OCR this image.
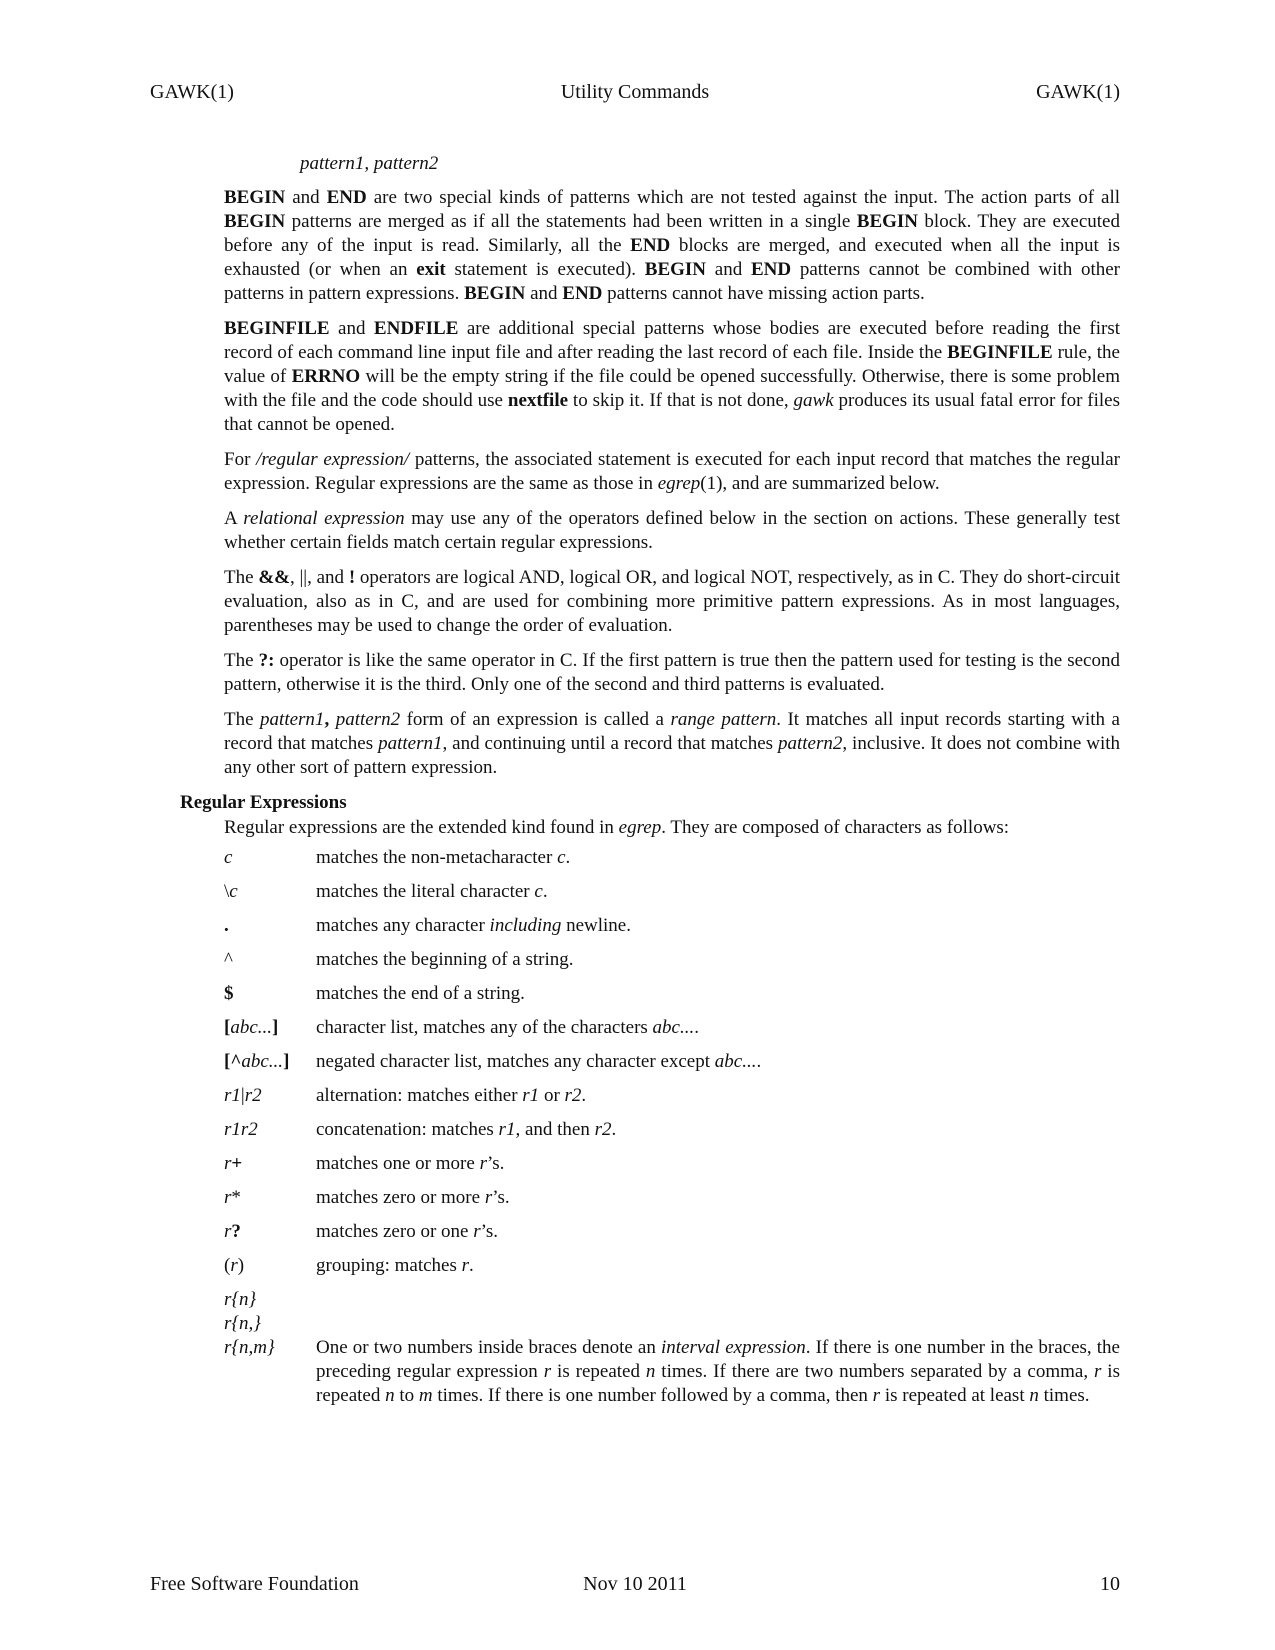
Utility Commands
GAWK(1)	GAWK(1)
pattern1, pattern2

BEGIN and END are two special kinds of patterns which are not tested against the input. The action parts of all BEGIN patterns are merged as if all the statements had been written in a single BEGIN block. They are executed before any of the input is read. Similarly, all the END blocks are merged, and executed when all the input is exhausted (or when an exit statement is executed). BEGIN and END patterns cannot be combined with other patterns in pattern expressions. BEGIN and END patterns cannot have missing action parts.

BEGINFILE and ENDFILE are additional special patterns whose bodies are executed before reading the first record of each command line input file and after reading the last record of each file. Inside the BEGINFILE rule, the value of ERRNO will be the empty string if the file could be opened successfully. Otherwise, there is some problem with the file and the code should use nextfile to skip it. If that is not done, gawk produces its usual fatal error for files that cannot be opened.

For /regular expression/ patterns, the associated statement is executed for each input record that matches the regular expression. Regular expressions are the same as those in egrep(1), and are summarized below.

A relational expression may use any of the operators defined below in the section on actions. These generally test whether certain fields match certain regular expressions.

The &&, ||, and ! operators are logical AND, logical OR, and logical NOT, respectively, as in C. They do short-circuit evaluation, also as in C, and are used for combining more primitive pattern expressions. As in most languages, parentheses may be used to change the order of evaluation.

The ?: operator is like the same operator in C. If the first pattern is true then the pattern used for testing is the second pattern, otherwise it is the third. Only one of the second and third patterns is evaluated.

The pattern1, pattern2 form of an expression is called a range pattern. It matches all input records starting with a record that matches pattern1, and continuing until a record that matches pattern2, inclusive. It does not combine with any other sort of pattern expression.

Regular Expressions

Regular expressions are the extended kind found in egrep. They are composed of characters as follows:

c	matches the non-metacharacter c.
\c	matches the literal character c.
.	matches any character including newline.
^	matches the beginning of a string.
$	matches the end of a string.
[abc...]	character list, matches any of the characters abc....
[^abc...]	negated character list, matches any character except abc....
r1|r2	alternation: matches either r1 or r2.
r1r2	concatenation: matches r1, and then r2.
r+	matches one or more r’s.
r*	matches zero or more r’s.
r?	matches zero or one r’s.
(r)	grouping: matches r.
r{n}
r{n,}
r{n,m}	One or two numbers inside braces denote an interval expression. If there is one number in the braces, the preceding regular expression r is repeated n times. If there are two numbers separated by a comma, r is repeated n to m times. If there is one number followed by a comma, then r is repeated at least n times.
Nov 10 2011
Free Software Foundation	10
